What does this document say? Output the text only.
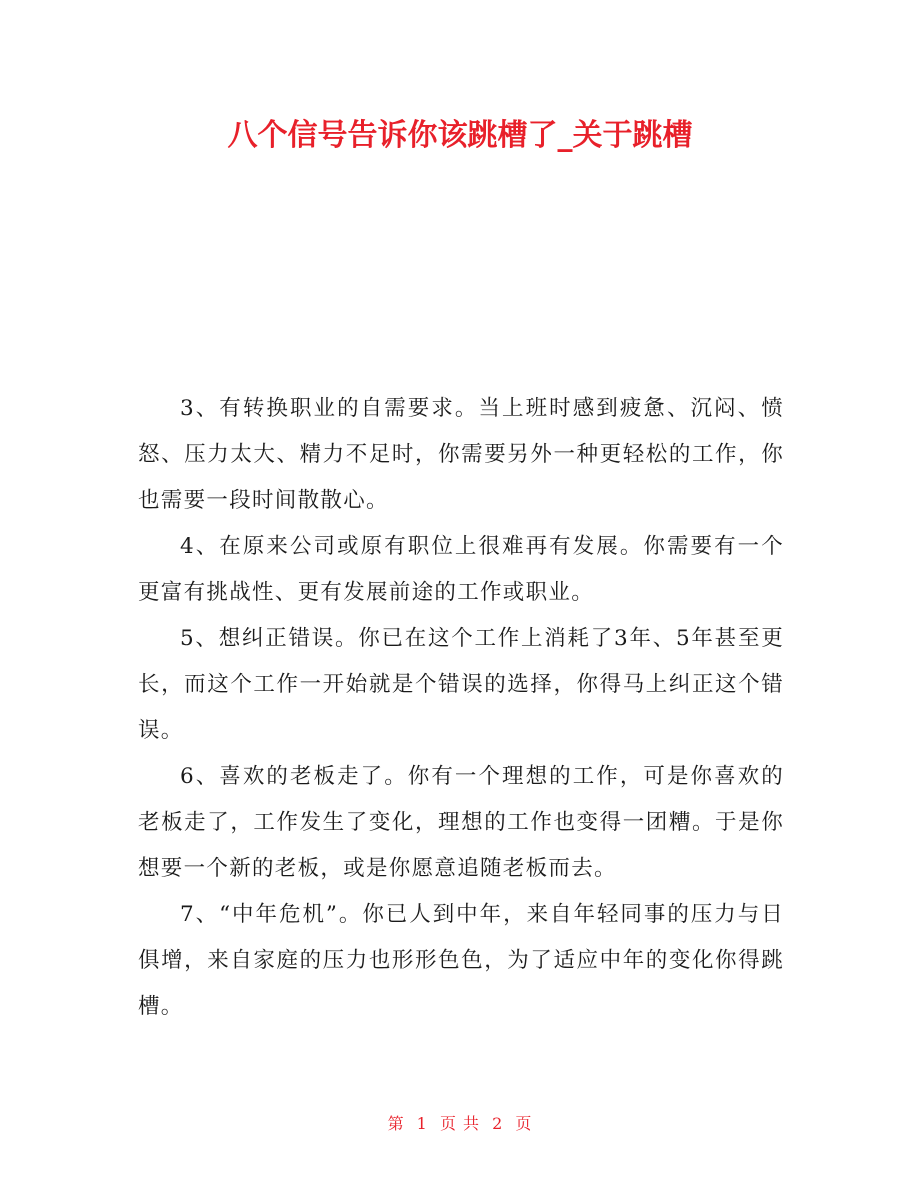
八个信号告诉你该跳槽了_关于跳槽

3、有转换职业的自需要求。当上班时感到疲惫、沉闷、愤怒、压力太大、精力不足时，你需要另外一种更轻松的工作，你也需要一段时间散散心。

4、在原来公司或原有职位上很难再有发展。你需要有一个更富有挑战性、更有发展前途的工作或职业。

5、想纠正错误。你已在这个工作上消耗了3年、5年甚至更长，而这个工作一开始就是个错误的选择，你得马上纠正这个错误。

6、喜欢的老板走了。你有一个理想的工作，可是你喜欢的老板走了，工作发生了变化，理想的工作也变得一团糟。于是你想要一个新的老板，或是你愿意追随老板而去。

7、“中年危机”。你已人到中年，来自年轻同事的压力与日俱增，来自家庭的压力也形形色色，为了适应中年的变化你得跳槽。

第 1 页 共 2 页
